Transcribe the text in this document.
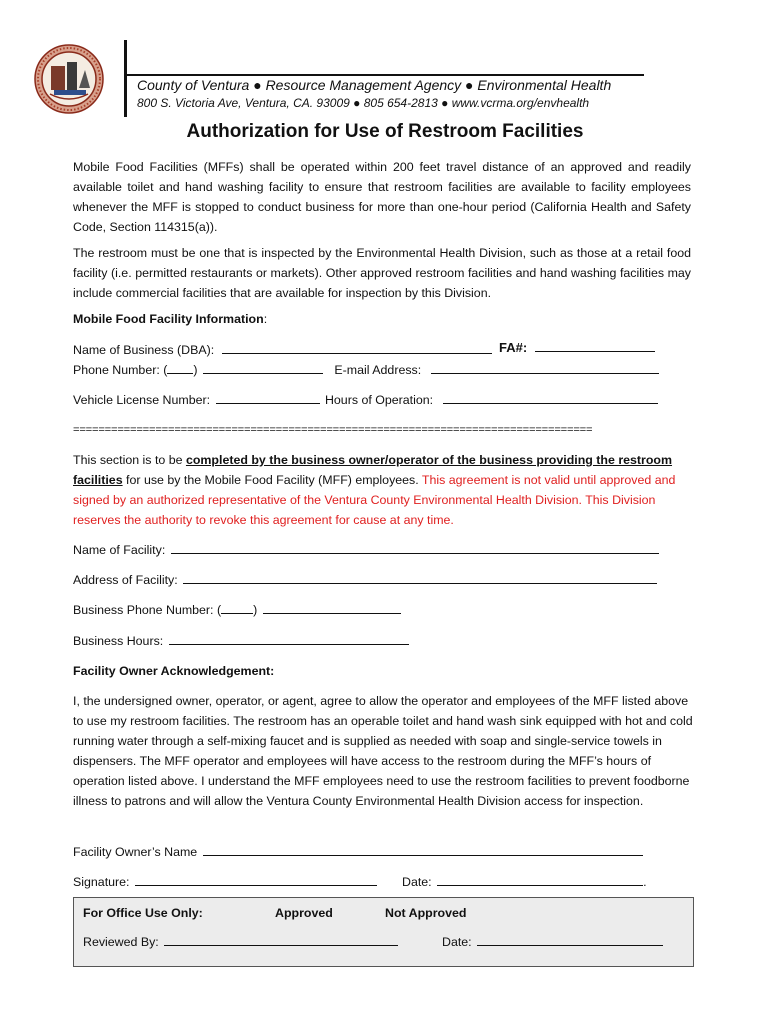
County of Ventura ● Resource Management Agency ● Environmental Health
800 S. Victoria Ave, Ventura, CA. 93009 ● 805 654-2813 ● www.vcrma.org/envhealth
Authorization for Use of Restroom Facilities
Mobile Food Facilities (MFFs) shall be operated within 200 feet travel distance of an approved and readily available toilet and hand washing facility to ensure that restroom facilities are available to facility employees whenever the MFF is stopped to conduct business for more than one-hour period (California Health and Safety Code, Section 114315(a)).
The restroom must be one that is inspected by the Environmental Health Division, such as those at a retail food facility (i.e. permitted restaurants or markets). Other approved restroom facilities and hand washing facilities may include commercial facilities that are available for inspection by this Division.
Mobile Food Facility Information:
Name of Business (DBA):	FA#:
Phone Number: ( )	E-mail Address:
Vehicle License Number:	Hours of Operation:
==================================================================================
This section is to be completed by the business owner/operator of the business providing the restroom facilities for use by the Mobile Food Facility (MFF) employees. This agreement is not valid until approved and signed by an authorized representative of the Ventura County Environmental Health Division. This Division reserves the authority to revoke this agreement for cause at any time.
Name of Facility:
Address of Facility:
Business Phone Number: (	)
Business Hours:
Facility Owner Acknowledgement:
I, the undersigned owner, operator, or agent, agree to allow the operator and employees of the MFF listed above to use my restroom facilities. The restroom has an operable toilet and hand wash sink equipped with hot and cold running water through a self-mixing faucet and is supplied as needed with soap and single-service towels in dispensers. The MFF operator and employees will have access to the restroom during the MFF’s hours of operation listed above. I understand the MFF employees need to use the restroom facilities to prevent foodborne illness to patrons and will allow the Ventura County Environmental Health Division access for inspection.
Facility Owner’s Name
Signature:	Date:	.
For Office Use Only:	Approved	Not Approved
Reviewed By:	Date:
